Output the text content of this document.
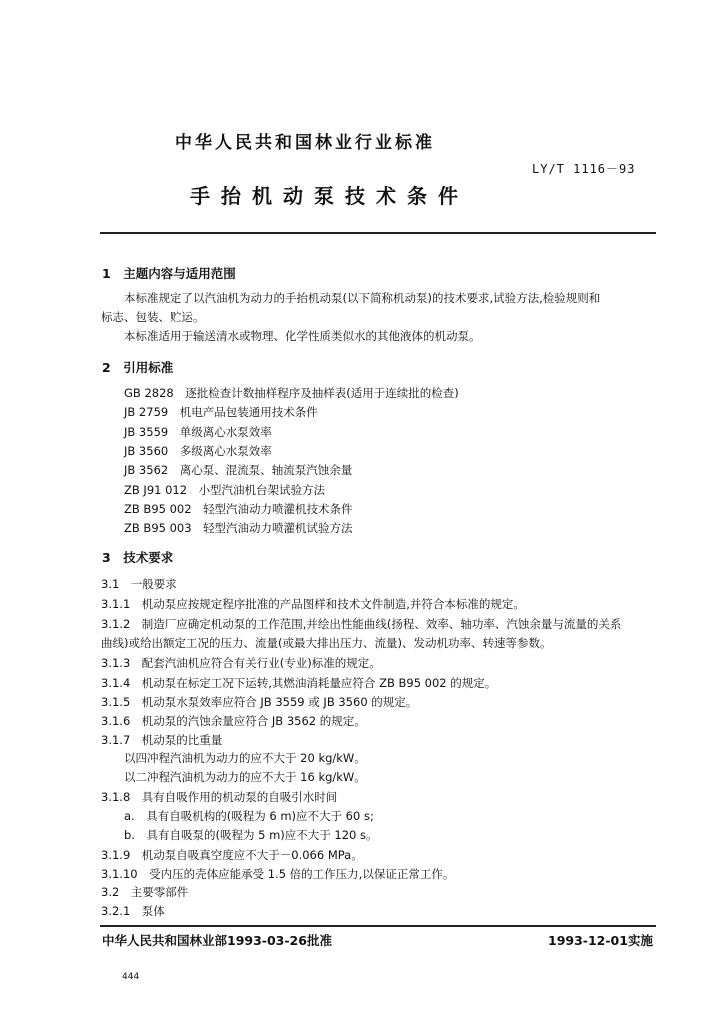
中华人民共和国林业行业标准
LY/T 1116－93
手抬机动泵技术条件
1　主题内容与适用范围
本标准规定了以汽油机为动力的手抬机动泵(以下简称机动泵)的技术要求,试验方法,检验规则和
标志、包装、贮运。
本标准适用于输送清水或物理、化学性质类似水的其他液体的机动泵。
2　引用标准
GB 2828　 逐批检查计数抽样程序及抽样表(适用于连续批的检查)
JB 2759　 机电产品包装通用技术条件
JB 3559　 单级离心水泵效率
JB 3560　 多级离心水泵效率
JB 3562　 离心泵、混流泵、轴流泵汽蚀余量
ZB J91 012　 小型汽油机台架试验方法
ZB B95 002　 轻型汽油动力喷灌机技术条件
ZB B95 003　 轻型汽油动力喷灌机试验方法
3　技术要求
3.1　一般要求
3.1.1　机动泵应按规定程序批准的产品图样和技术文件制造,并符合本标准的规定。
3.1.2　制造厂应确定机动泵的工作范围,并绘出性能曲线(扬程、效率、轴功率、汽蚀余量与流量的关系
曲线)或给出额定工况的压力、流量(或最大排出压力、流量)、发动机功率、转速等参数。
3.1.3　配套汽油机应符合有关行业(专业)标准的规定。
3.1.4　机动泵在标定工况下运转,其燃油消耗量应符合 ZB B95 002 的规定。
3.1.5　机动泵水泵效率应符合 JB 3559 或 JB 3560 的规定。
3.1.6　机动泵的汽蚀余量应符合 JB 3562 的规定。
3.1.7　机动泵的比重量
以四冲程汽油机为动力的应不大于 20 kg/kW。
以二冲程汽油机为动力的应不大于 16 kg/kW。
3.1.8　具有自吸作用的机动泵的自吸引水时间
a.　具有自吸机构的(吸程为 6 m)应不大于 60 s;
b.　具有自吸泵的(吸程为 5 m)应不大于 120 s。
3.1.9　机动泵自吸真空度应不大于－0.066 MPa。
3.1.10　受内压的壳体应能承受 1.5 倍的工作压力,以保证正常工作。
3.2　主要零部件
3.2.1　泵体
中华人民共和国林业部1993-03-26批准	1993-12-01实施
444
